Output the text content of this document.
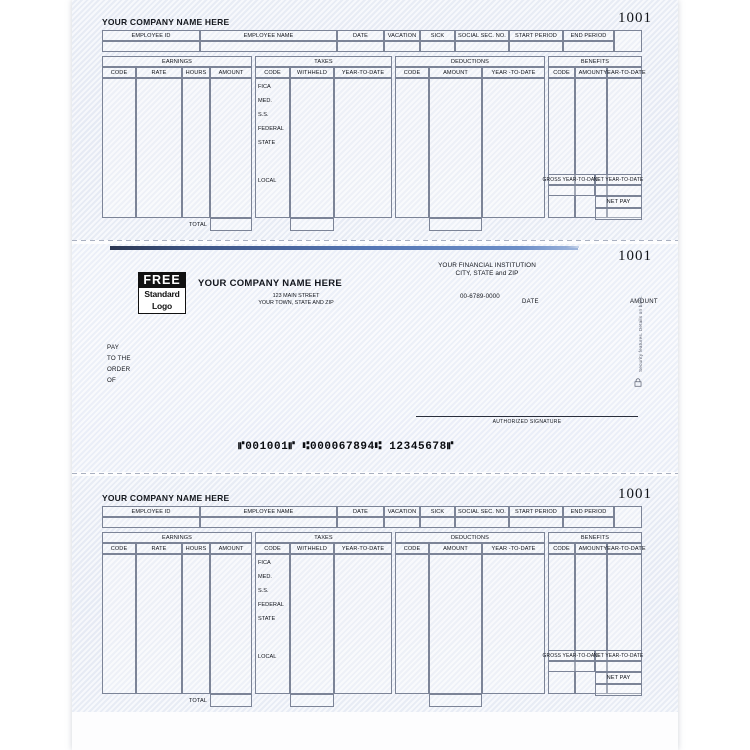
1001
FREE
Standard
Logo
YOUR COMPANY NAME HERE
123 MAIN STREET
YOUR TOWN, STATE AND ZIP
YOUR FINANCIAL INSTITUTION
CITY, STATE and ZIP
00-6789-0000
DATE	AMOUNT
PAY
TO THE
ORDER
OF
AUTHORIZED SIGNATURE
⑈001001⑈ ⑆000067894⑆ 12345678⑈
Security features. Details on back.
YOUR COMPANY NAME HERE	1001
EMPLOYEE ID	EMPLOYEE NAME	DATE	VACATION	SICK	SOCIAL SEC. NO.	START PERIOD	END PERIOD
EARNINGS	TAXES	DEDUCTIONS	BENEFITS
CODE	RATE	HOURS	AMOUNT	CODE	WITHHELD	YEAR-TO-DATE	CODE	AMOUNT	YEAR -TO-DATE	CODE	AMOUNT YEAR-TO-DATE
FICA
MED.
S.S.
FEDERAL
STATE
LOCAL
TOTAL
GROSS YEAR-TO-DATE
NET YEAR-TO-DATE
NET PAY
YOUR COMPANY NAME HERE	1001
EMPLOYEE ID	EMPLOYEE NAME	DATE	VACATION	SICK	SOCIAL SEC. NO.	START PERIOD	END PERIOD
EARNINGS	TAXES	DEDUCTIONS	BENEFITS
CODE	RATE	HOURS	AMOUNT	CODE	WITHHELD	YEAR-TO-DATE	CODE	AMOUNT	YEAR -TO-DATE	CODE	AMOUNT YEAR-TO-DATE
FICA
MED.
S.S.
FEDERAL
STATE
LOCAL
TOTAL
GROSS YEAR-TO-DATE
NET YEAR-TO-DATE
NET PAY
